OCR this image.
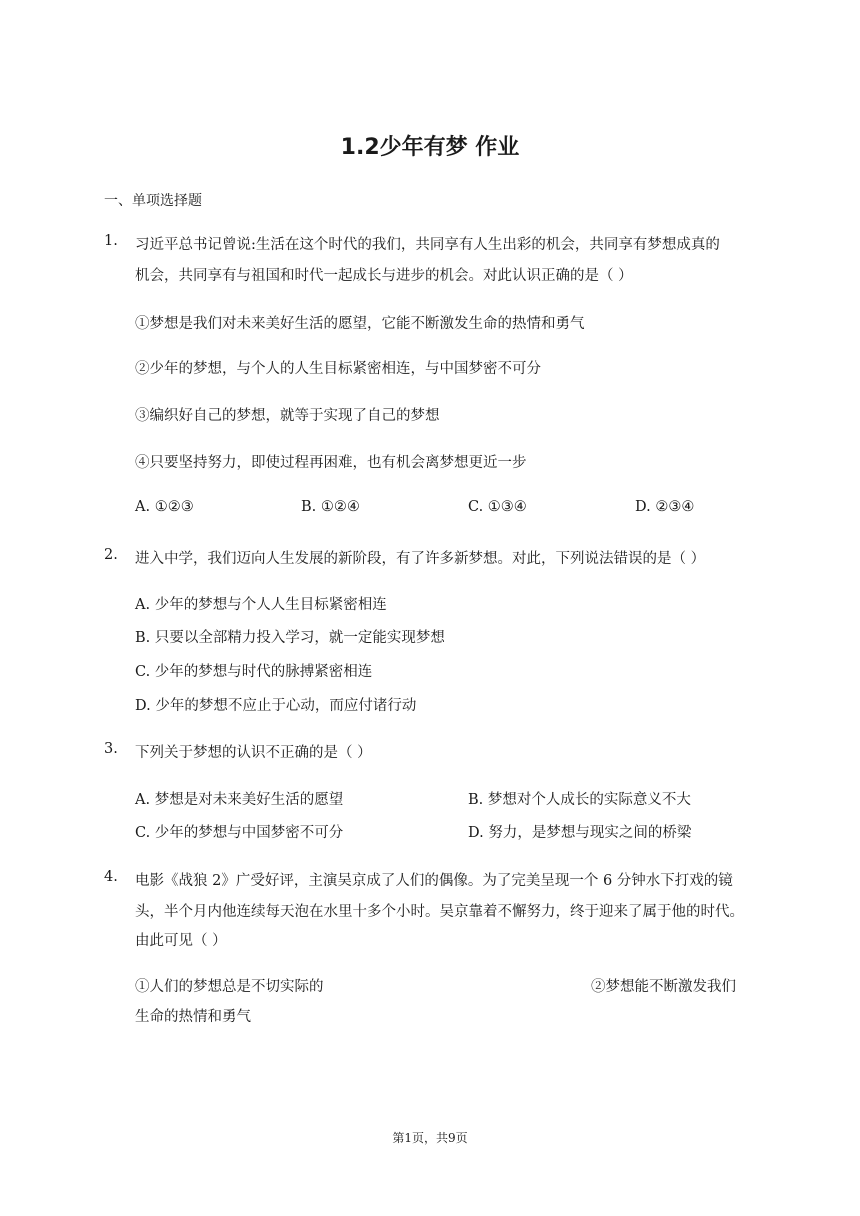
1.2少年有梦 作业
一、单项选择题
1. 习近平总书记曾说:生活在这个时代的我们，共同享有人生出彩的机会，共同享有梦想成真的
机会，共同享有与祖国和时代一起成长与进步的机会。对此认识正确的是（ ）
①梦想是我们对未来美好生活的愿望，它能不断激发生命的热情和勇气
②少年的梦想，与个人的人生目标紧密相连，与中国梦密不可分
③编织好自己的梦想，就等于实现了自己的梦想
④只要坚持努力，即使过程再困难，也有机会离梦想更近一步
A. ①②③	B. ①②④	C. ①③④	D. ②③④
2. 进入中学，我们迈向人生发展的新阶段，有了许多新梦想。对此，下列说法错误的是（ ）
A. 少年的梦想与个人人生目标紧密相连
B. 只要以全部精力投入学习，就一定能实现梦想
C. 少年的梦想与时代的脉搏紧密相连
D. 少年的梦想不应止于心动，而应付诸行动
3. 下列关于梦想的认识不正确的是（ ）
A. 梦想是对未来美好生活的愿望	B. 梦想对个人成长的实际意义不大
C. 少年的梦想与中国梦密不可分	D. 努力，是梦想与现实之间的桥梁
4. 电影《战狼 2》广受好评，主演吴京成了人们的偶像。为了完美呈现一个 6 分钟水下打戏的镜
头，半个月内他连续每天泡在水里十多个小时。吴京靠着不懈努力，终于迎来了属于他的时代。
由此可见（ ）
①人们的梦想总是不切实际的	②梦想能不断激发我们
生命的热情和勇气
第1页，共9页
